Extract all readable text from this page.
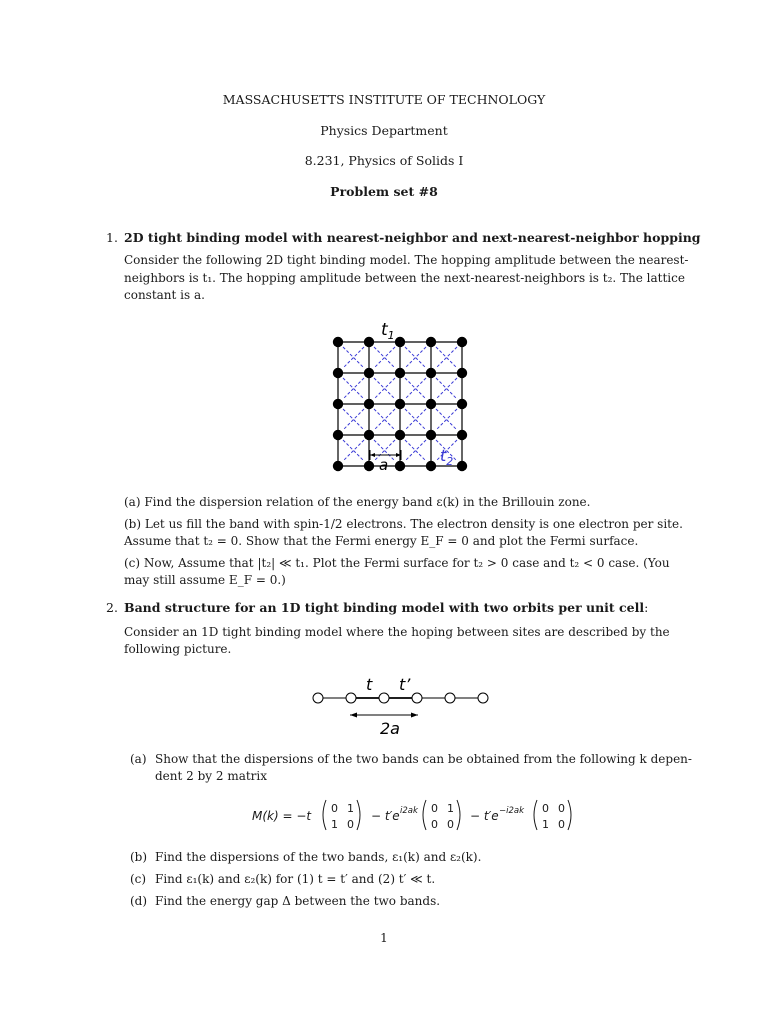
MASSACHUSETTS INSTITUTE OF TECHNOLOGY
Physics Department
8.231, Physics of Solids I
Problem set #8
1. 2D tight binding model with nearest-neighbor and next-nearest-neighbor hopping
Consider the following 2D tight binding model. The hopping amplitude between the nearest-
neighbors is t₁. The hopping amplitude between the next-nearest-neighbors is t₂. The lattice
constant is a.
$t_1$
a	$t_2$
(a) Find the dispersion relation of the energy band ε(k) in the Brillouin zone.
(b) Let us fill the band with spin-1/2 electrons. The electron density is one electron per site.
Assume that t₂ = 0. Show that the Fermi energy E_F = 0 and plot the Fermi surface.
(c) Now, Assume that |t₂| ≪ t₁. Plot the Fermi surface for t₂ > 0 case and t₂ < 0 case. (You
may still assume E_F = 0.)
2. Band structure for an 1D tight binding model with two orbits per unit cell:
Consider an 1D tight binding model where the hoping between sites are described by the
following picture.
t t’
2a
(a) Show that the dispersions of the two bands can be obtained from the following k depen-
dent 2 by 2 matrix
M(k) = −t
0 1
1 0
− t′e i2ak 0 1
0 0
− t′e −i2ak 0 0
1 0
(b) Find the dispersions of the two bands, ε₁(k) and ε₂(k).
(c) Find ε₁(k) and ε₂(k) for (1) t = t′ and (2) t′ ≪ t.
(d) Find the energy gap Δ between the two bands.
1
